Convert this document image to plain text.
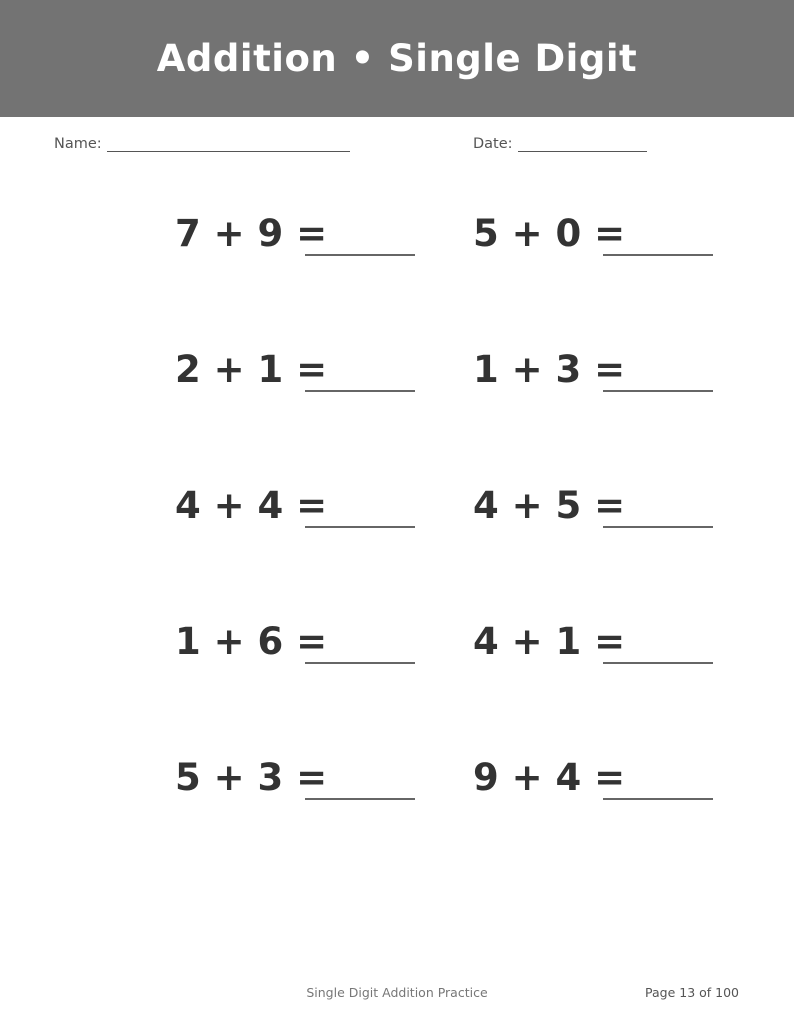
Addition • Single Digit
Name:	Date:
7 + 9 =	5 + 0 =
2 + 1 =	1 + 3 =
4 + 4 =	4 + 5 =
1 + 6 =	4 + 1 =
5 + 3 =	9 + 4 =
Single Digit Addition Practice	Page 13 of 100
